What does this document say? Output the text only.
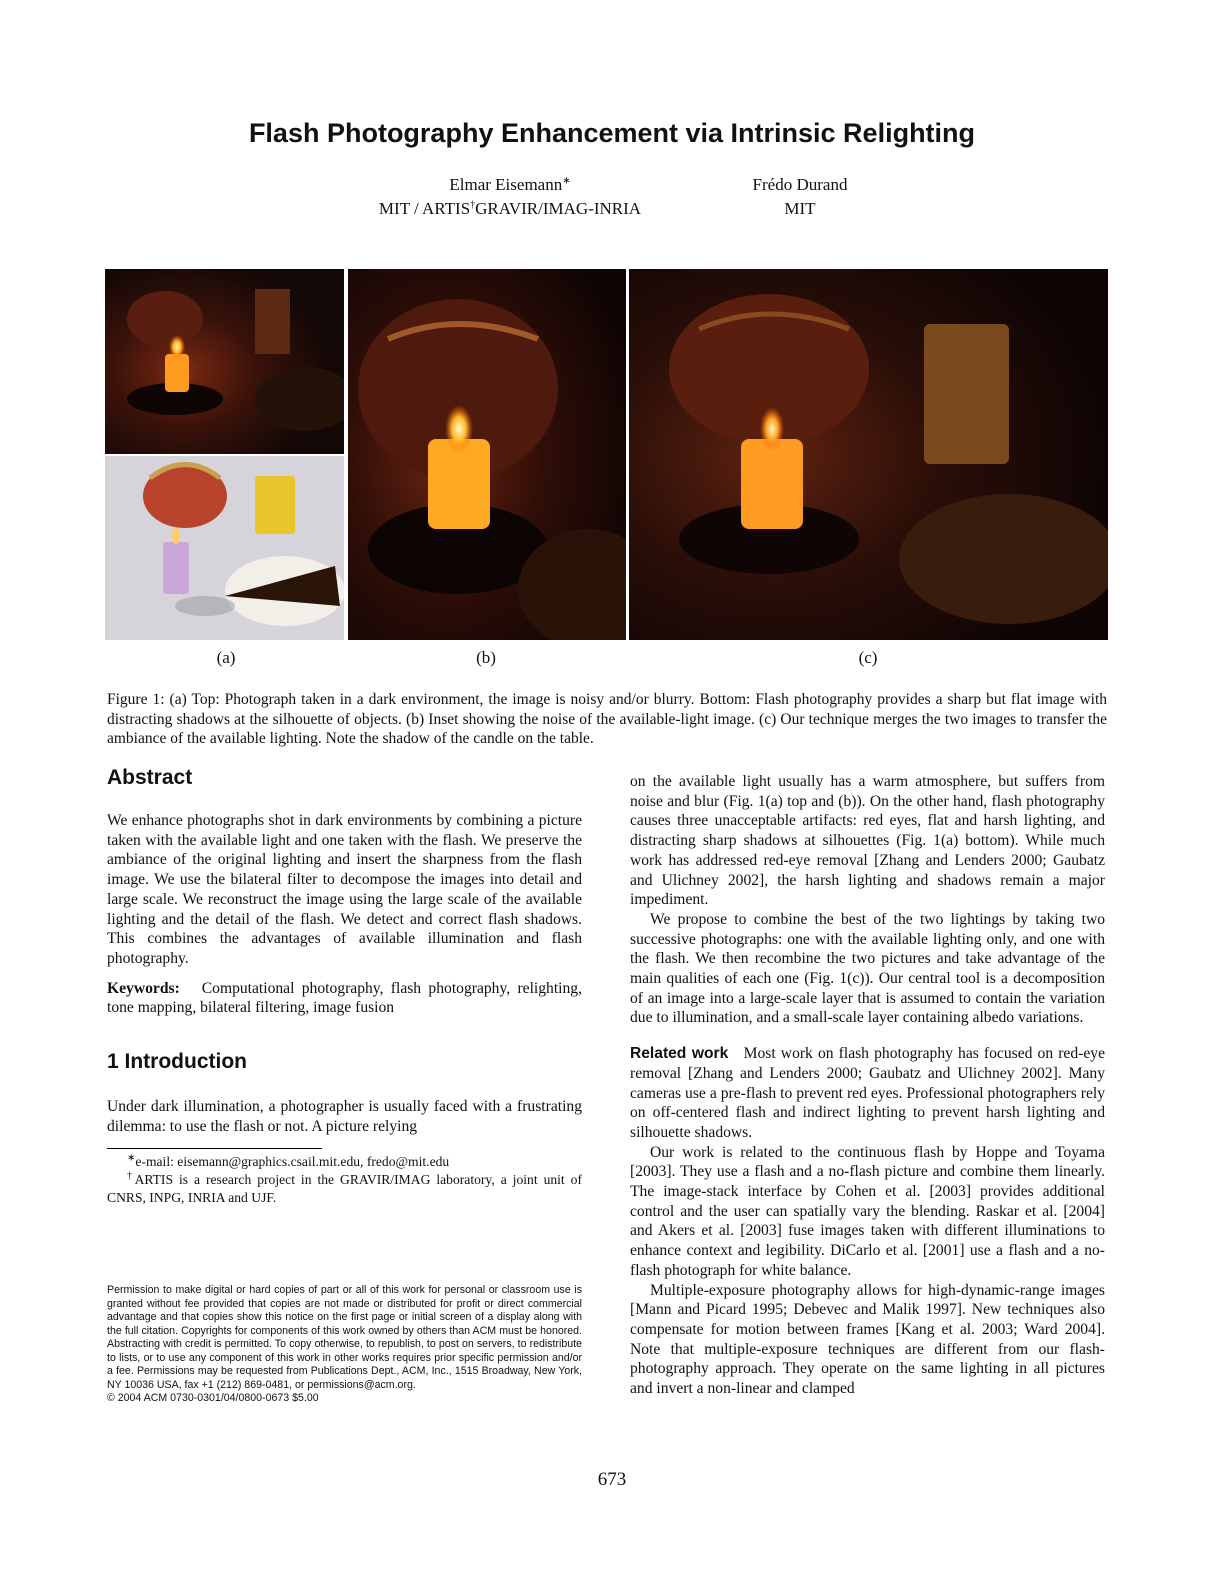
Flash Photography Enhancement via Intrinsic Relighting
Elmar Eisemann∗
MIT / ARTIS†GRAVIR/IMAG-INRIA
Frédo Durand
MIT
(a)	(b)	(c)
Figure 1: (a) Top: Photograph taken in a dark environment, the image is noisy and/or blurry. Bottom: Flash photography provides a sharp but flat image with distracting shadows at the silhouette of objects. (b) Inset showing the noise of the available-light image. (c) Our technique merges the two images to transfer the ambiance of the available lighting. Note the shadow of the candle on the table.
Abstract

We enhance photographs shot in dark environments by combining a picture taken with the available light and one taken with the flash. We preserve the ambiance of the original lighting and insert the sharpness from the flash image. We use the bilateral filter to decompose the images into detail and large scale. We reconstruct the image using the large scale of the available lighting and the detail of the flash. We detect and correct flash shadows. This combines the advantages of available illumination and flash photography.

Keywords: Computational photography, flash photography, relighting, tone mapping, bilateral filtering, image fusion

1 Introduction

Under dark illumination, a photographer is usually faced with a frustrating dilemma: to use the flash or not. A picture relying

∗e-mail: eisemann@graphics.csail.mit.edu, fredo@mit.edu
†ARTIS is a research project in the GRAVIR/IMAG laboratory, a joint unit of CNRS, INPG, INRIA and UJF.
Permission to make digital or hard copies of part or all of this work for personal or classroom use is granted without fee provided that copies are not made or distributed for profit or direct commercial advantage and that copies show this notice on the first page or initial screen of a display along with the full citation. Copyrights for components of this work owned by others than ACM must be honored. Abstracting with credit is permitted. To copy otherwise, to republish, to post on servers, to redistribute to lists, or to use any component of this work in other works requires prior specific permission and/or a fee. Permissions may be requested from Publications Dept., ACM, Inc., 1515 Broadway, New York, NY 10036 USA, fax +1 (212) 869-0481, or permissions@acm.org.
© 2004 ACM 0730-0301/04/0800-0673 $5.00

on the available light usually has a warm atmosphere, but suffers from noise and blur (Fig. 1(a) top and (b)). On the other hand, flash photography causes three unacceptable artifacts: red eyes, flat and harsh lighting, and distracting sharp shadows at silhouettes (Fig. 1(a) bottom). While much work has addressed red-eye removal [Zhang and Lenders 2000; Gaubatz and Ulichney 2002], the harsh lighting and shadows remain a major impediment.

We propose to combine the best of the two lightings by taking two successive photographs: one with the available lighting only, and one with the flash. We then recombine the two pictures and take advantage of the main qualities of each one (Fig. 1(c)). Our central tool is a decomposition of an image into a large-scale layer that is assumed to contain the variation due to illumination, and a small-scale layer containing albedo variations.

Related work Most work on flash photography has focused on red-eye removal [Zhang and Lenders 2000; Gaubatz and Ulichney 2002]. Many cameras use a pre-flash to prevent red eyes. Professional photographers rely on off-centered flash and indirect lighting to prevent harsh lighting and silhouette shadows.

Our work is related to the continuous flash by Hoppe and Toyama [2003]. They use a flash and a no-flash picture and combine them linearly. The image-stack interface by Cohen et al. [2003] provides additional control and the user can spatially vary the blending. Raskar et al. [2004] and Akers et al. [2003] fuse images taken with different illuminations to enhance context and legibility. DiCarlo et al. [2001] use a flash and a no-flash photograph for white balance.

Multiple-exposure photography allows for high-dynamic-range images [Mann and Picard 1995; Debevec and Malik 1997]. New techniques also compensate for motion between frames [Kang et al. 2003; Ward 2004]. Note that multiple-exposure techniques are different from our flash-photography approach. They operate on the same lighting in all pictures and invert a non-linear and clamped

673
